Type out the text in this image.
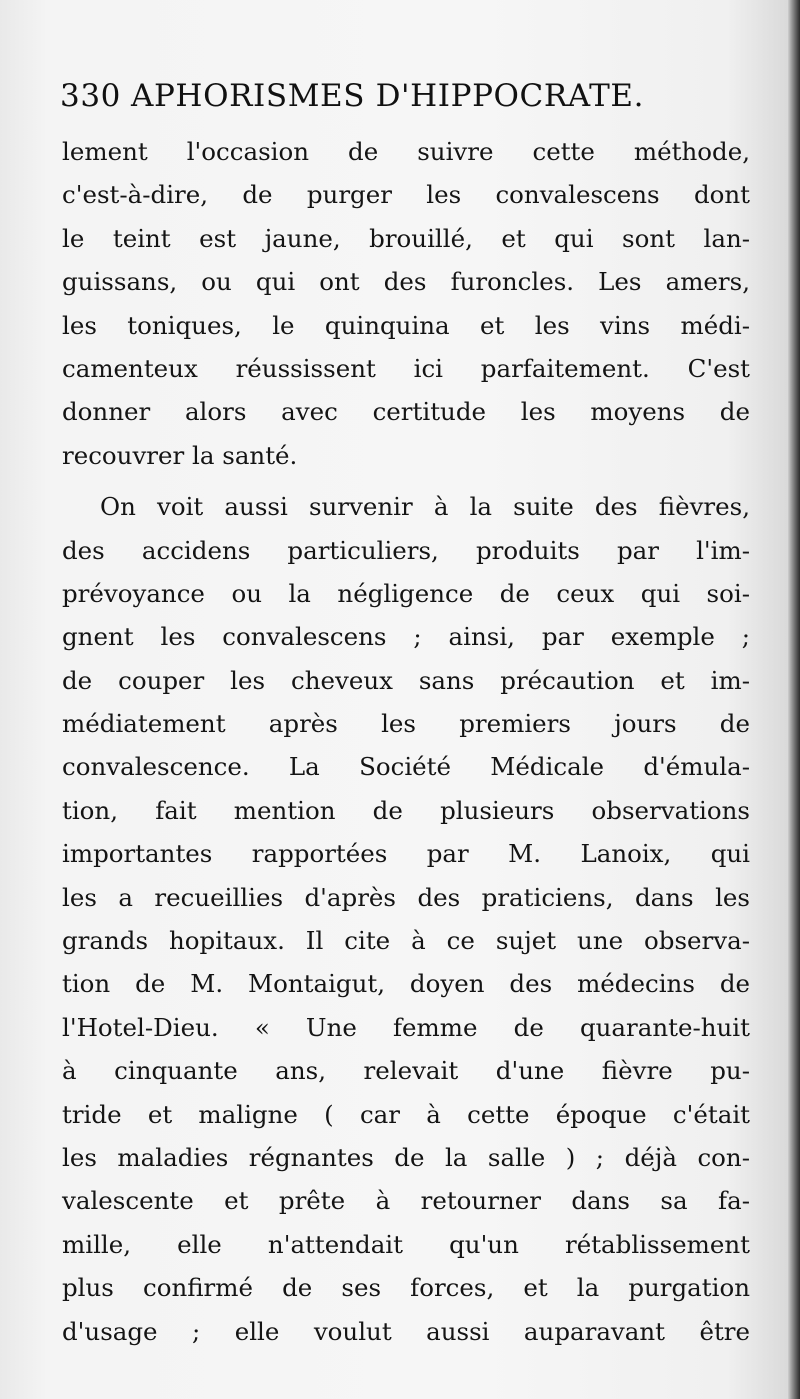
330 APHORISMES D'HIPPOCRATE.
lement l'occasion de suivre cette méthode,
c'est-à-dire, de purger les convalescens dont
le teint est jaune, brouillé, et qui sont lan-
guissans, ou qui ont des furoncles. Les amers,
les toniques, le quinquina et les vins médi-
camenteux réussissent ici parfaitement. C'est
donner alors avec certitude les moyens de
recouvrer la santé.
On voit aussi survenir à la suite des fièvres,
des accidens particuliers, produits par l'im-
prévoyance ou la négligence de ceux qui soi-
gnent les convalescens ; ainsi, par exemple ;
de couper les cheveux sans précaution et im-
médiatement après les premiers jours de
convalescence. La Société Médicale d'émula-
tion, fait mention de plusieurs observations
importantes rapportées par M. Lanoix, qui
les a recueillies d'après des praticiens, dans les
grands hopitaux. Il cite à ce sujet une observa-
tion de M. Montaigut, doyen des médecins de
l'Hotel-Dieu. « Une femme de quarante-huit
à cinquante ans, relevait d'une fièvre pu-
tride et maligne ( car à cette époque c'était
les maladies régnantes de la salle ) ; déjà con-
valescente et prête à retourner dans sa fa-
mille, elle n'attendait qu'un rétablissement
plus confirmé de ses forces, et la purgation
d'usage ; elle voulut aussi auparavant être
